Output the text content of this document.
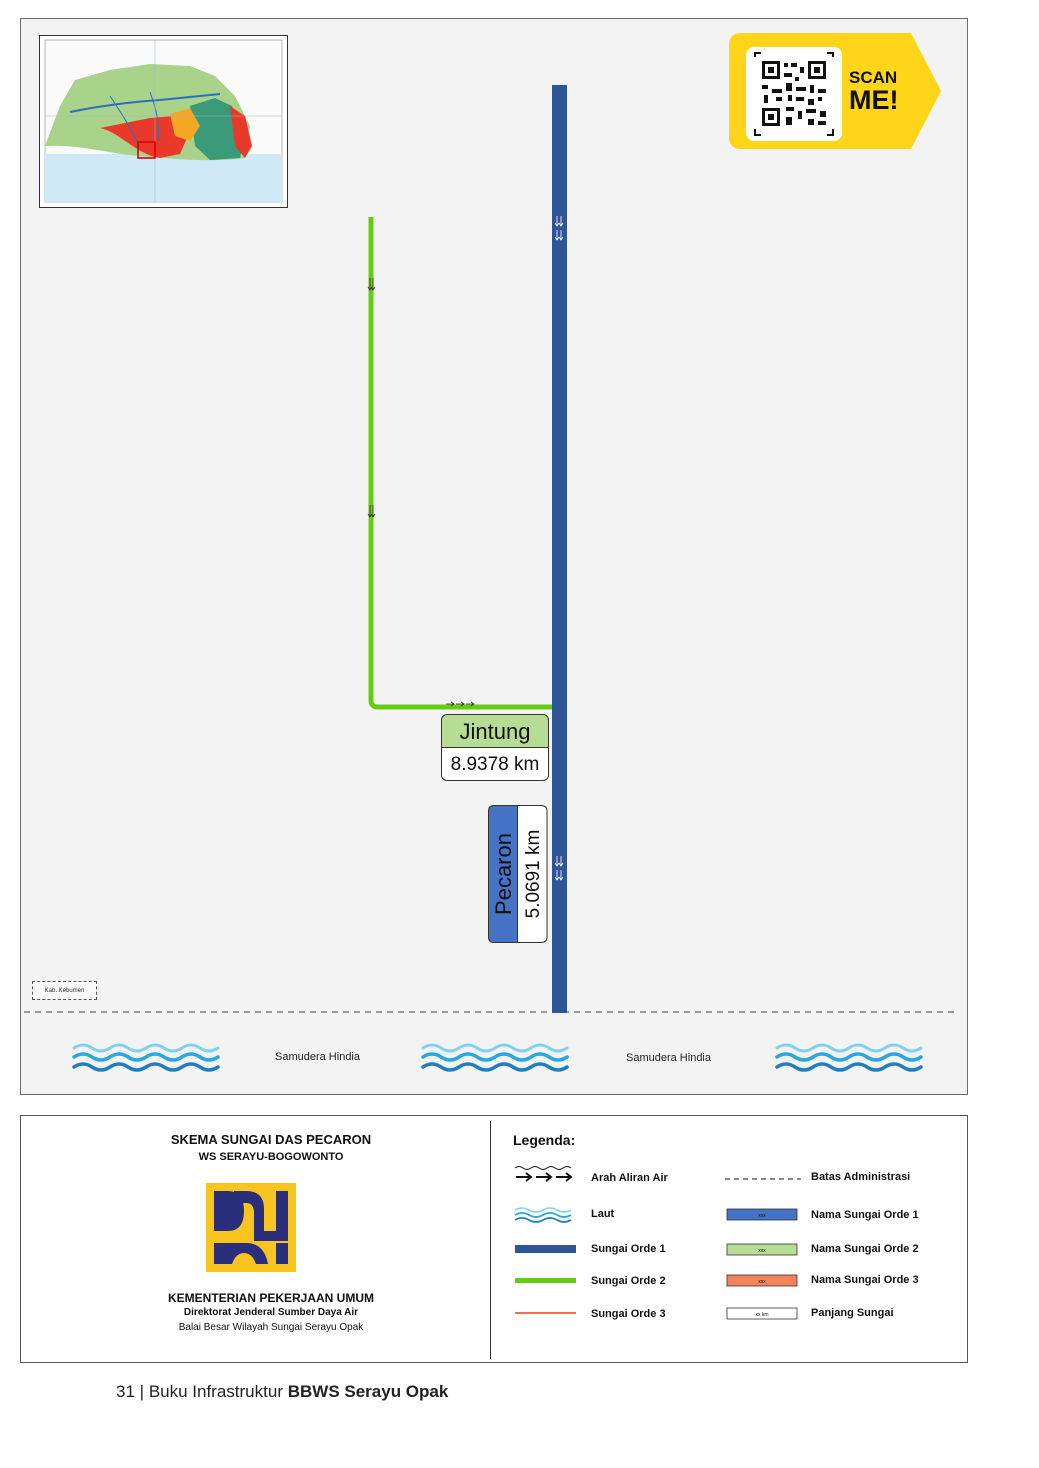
SCAN
ME!
Jintung
8.9378 km
Pecaron 5.0691 km
Kab. Kebumen
Samudera Hindia	Samudera Hindia
SKEMA SUNGAI DAS PECARON
WS SERAYU-BOGOWONTO
KEMENTERIAN PEKERJAAN UMUM
Direktorat Jenderal Sumber Daya Air
Balai Besar Wilayah Sungai Serayu Opak
Legenda:
xxx
xxx
xxx
xx km
Arah Aliran Air
Laut
Sungai Orde 1
Sungai Orde 2
Sungai Orde 3
Batas Administrasi
Nama Sungai Orde 1
Nama Sungai Orde 2
Nama Sungai Orde 3
Panjang Sungai
31 | Buku Infrastruktur BBWS Serayu Opak
